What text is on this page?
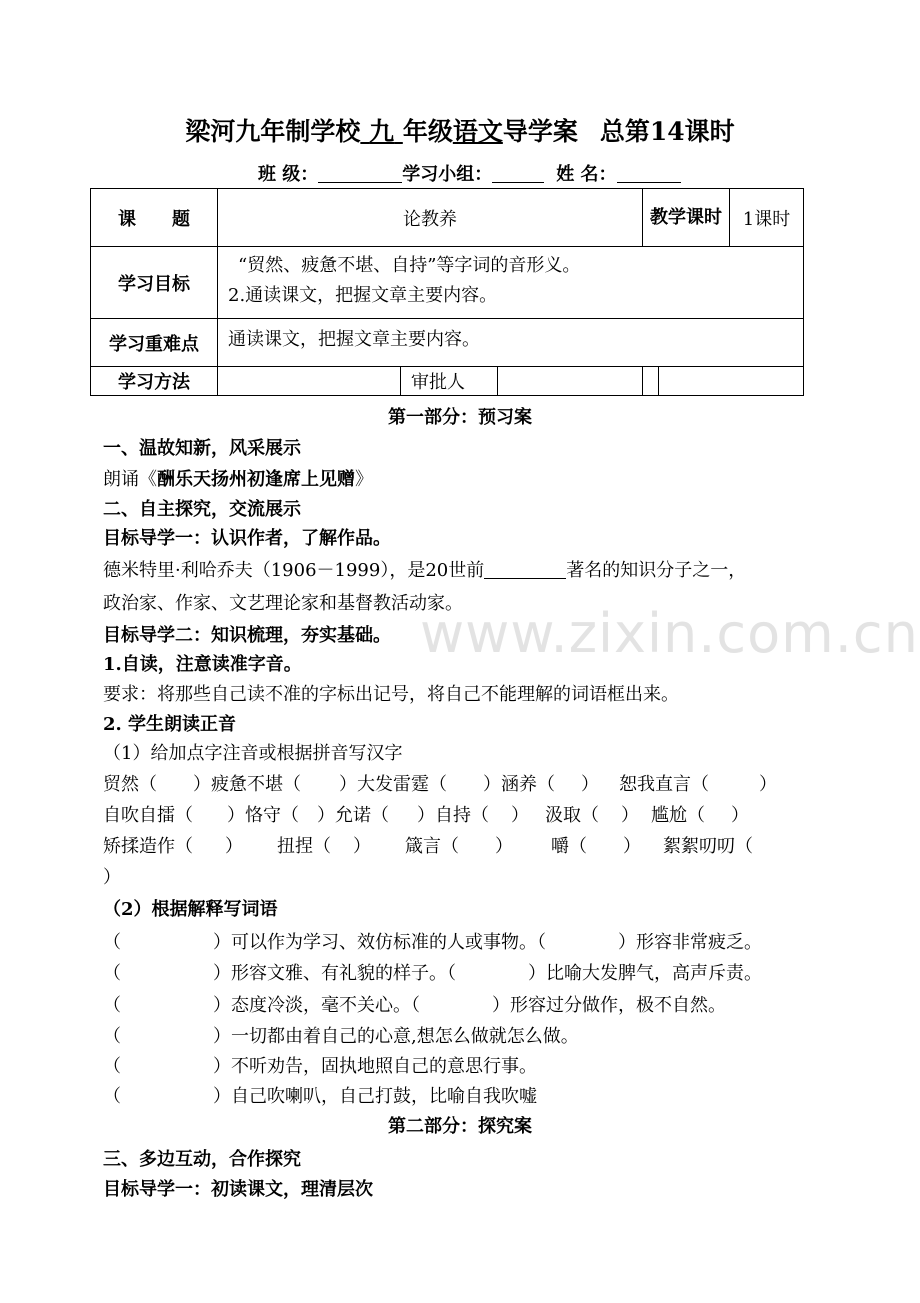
梁河九年制学校 九 年级语文导学案 总第14课时
班 级：	学习小组：	姓 名：
课　　题	论教养			教学课时	1课时
学习目标	“贸然、疲惫不堪、自持”等字词的音形义。
2.通读课文，把握文章主要内容。				

学习重难点	通读课文，把握文章主要内容。				
学习方法		审批人			
第一部分：预习案
一、温故知新，风采展示
朗诵《酬乐天扬州初逢席上见赠》
二、自主探究，交流展示
目标导学一：认识作者，了解作品。
德米特里·利哈乔夫（1906－1999），是20世前	著名的知识分子之一，
政治家、作家、文艺理论家和基督教活动家。
目标导学二：知识梳理，夯实基础。
1.自读，注意读准字音。
要求：将那些自己读不准的字标出记号，将自己不能理解的词语框出来。
2. 学生朗读正音
（1）给加点字注音或根据拼音写汉字
贸然（ ）疲惫不堪（ ）大发雷霆（ ）涵养（ ） 恕我直言（	）
自吹自擂（ ）恪守（ ）允诺（ ）自持（ ） 汲取（ ） 尴尬（ ）
矫揉造作（ ） 扭捏（ ） 箴言（ ） 嚼（ ） 絮絮叨叨（
）
（2）根据解释写词语
（	）可以作为学习、效仿标准的人或事物。（	）形容非常疲乏。
（	）形容文雅、有礼貌的样子。（	）比喻大发脾气，高声斥责。
（	）态度冷淡，毫不关心。（	）形容过分做作，极不自然。
（	）一切都由着自己的心意,想怎么做就怎么做。
（	）不听劝告，固执地照自己的意思行事。
（	）自己吹喇叭，自己打鼓，比喻自我吹嘘
第二部分：探究案
三、多边互动，合作探究
目标导学一：初读课文，理清层次
www.zixin.com.cn
